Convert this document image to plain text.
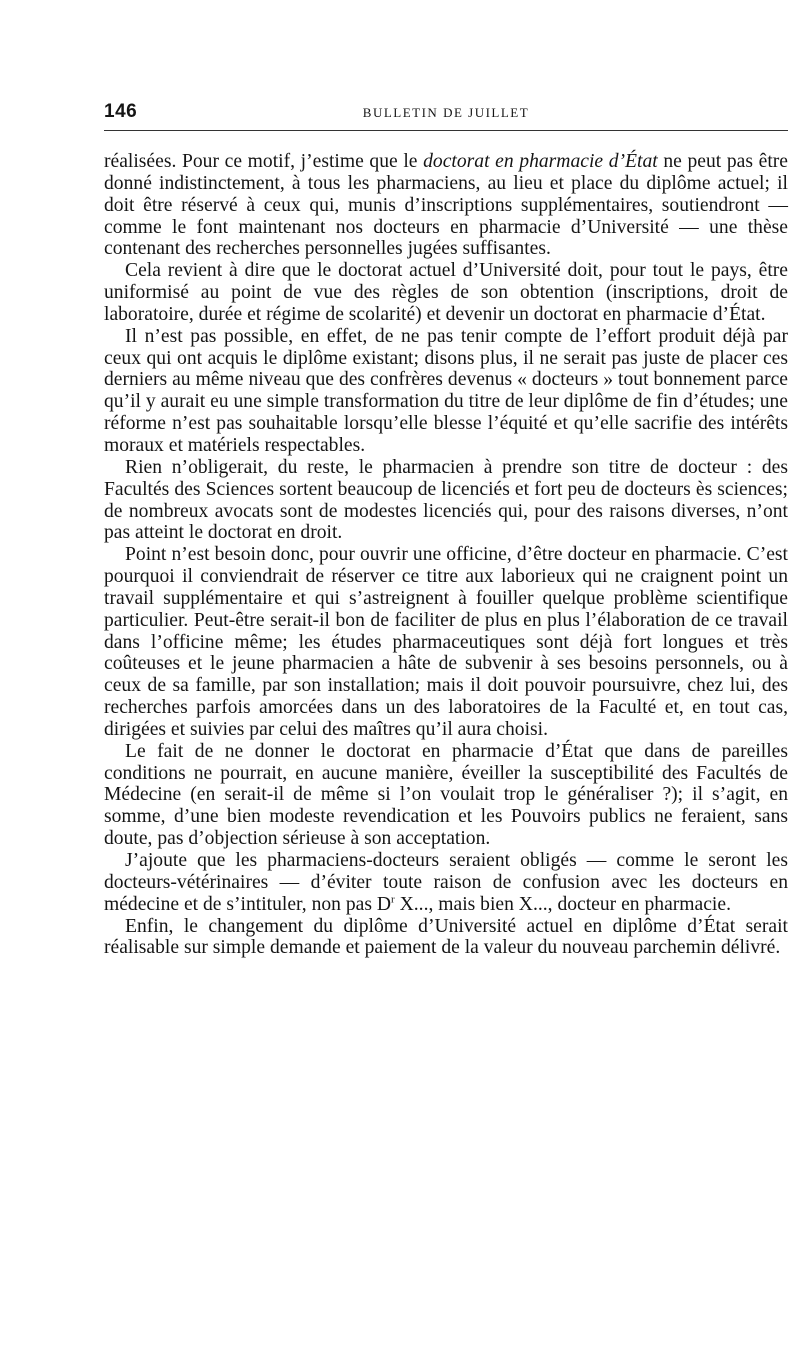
146	BULLETIN DE JUILLET

réalisées. Pour ce motif, j’estime que le doctorat en pharmacie d’État ne peut pas être donné indistinctement, à tous les pharmaciens, au lieu et place du diplôme actuel; il doit être réservé à ceux qui, munis d’inscriptions supplémentaires, soutiendront — comme le font maintenant nos docteurs en pharmacie d’Université — une thèse contenant des recherches personnelles jugées suffisantes.

Cela revient à dire que le doctorat actuel d’Université doit, pour tout le pays, être uniformisé au point de vue des règles de son obtention (inscriptions, droit de laboratoire, durée et régime de scolarité) et devenir un doctorat en pharmacie d’État.

Il n’est pas possible, en effet, de ne pas tenir compte de l’effort produit déjà par ceux qui ont acquis le diplôme existant; disons plus, il ne serait pas juste de placer ces derniers au même niveau que des confrères devenus « docteurs » tout bonnement parce qu’il y aurait eu une simple transformation du titre de leur diplôme de fin d’études; une réforme n’est pas souhaitable lorsqu’elle blesse l’équité et qu’elle sacrifie des intérêts moraux et matériels respectables.

Rien n’obligerait, du reste, le pharmacien à prendre son titre de docteur : des Facultés des Sciences sortent beaucoup de licenciés et fort peu de docteurs ès sciences; de nombreux avocats sont de modestes licenciés qui, pour des raisons diverses, n’ont pas atteint le doctorat en droit.

Point n’est besoin donc, pour ouvrir une officine, d’être docteur en pharmacie. C’est pourquoi il conviendrait de réserver ce titre aux laborieux qui ne craignent point un travail supplémentaire et qui s’astreignent à fouiller quelque problème scientifique particulier. Peut-être serait-il bon de faciliter de plus en plus l’élaboration de ce travail dans l’officine même; les études pharmaceutiques sont déjà fort longues et très coûteuses et le jeune pharmacien a hâte de subvenir à ses besoins personnels, ou à ceux de sa famille, par son installation; mais il doit pouvoir poursuivre, chez lui, des recherches parfois amorcées dans un des laboratoires de la Faculté et, en tout cas, dirigées et suivies par celui des maîtres qu’il aura choisi.

Le fait de ne donner le doctorat en pharmacie d’État que dans de pareilles conditions ne pourrait, en aucune manière, éveiller la susceptibilité des Facultés de Médecine (en serait-il de même si l’on voulait trop le généraliser ?); il s’agit, en somme, d’une bien modeste revendication et les Pouvoirs publics ne feraient, sans doute, pas d’objection sérieuse à son acceptation.

J’ajoute que les pharmaciens-docteurs seraient obligés — comme le seront les docteurs-vétérinaires — d’éviter toute raison de confusion avec les docteurs en médecine et de s’intituler, non pas $D^r$ X..., mais bien X..., docteur en pharmacie.

Enfin, le changement du diplôme d’Université actuel en diplôme d’État serait réalisable sur simple demande et paiement de la valeur du nouveau parchemin délivré.
